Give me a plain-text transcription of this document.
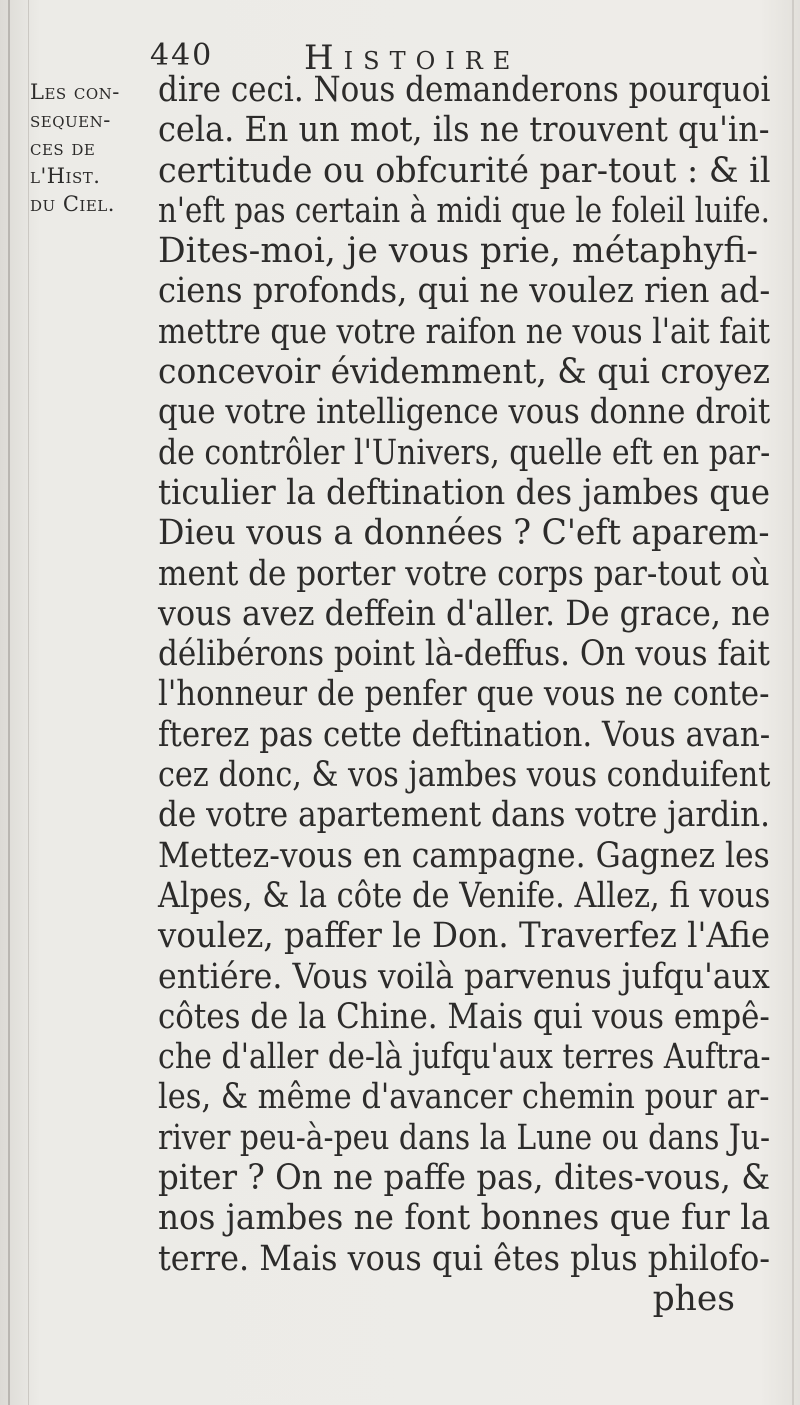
440	Histoire
Les con-
sequen-
ces de
l'Hist.
du Ciel.
dire ceci. Nous demanderons pourquoi
cela. En un mot, ils ne trouvent qu'in-
certitude ou obfcurité par-tout : & il
n'eft pas certain à midi que le foleil luife.
Dites-moi, je vous prie, métaphyfi-
ciens profonds, qui ne voulez rien ad-
mettre que votre raifon ne vous l'ait fait
concevoir évidemment, & qui croyez
que votre intelligence vous donne droit
de contrôler l'Univers, quelle eft en par-
ticulier la deftination des jambes que
Dieu vous a données ? C'eft aparem-
ment de porter votre corps par-tout où
vous avez deffein d'aller. De grace, ne
délibérons point là-deffus. On vous fait
l'honneur de penfer que vous ne conte-
fterez pas cette deftination. Vous avan-
cez donc, & vos jambes vous conduifent
de votre apartement dans votre jardin.
Mettez-vous en campagne. Gagnez les
Alpes, & la côte de Venife. Allez, fi vous
voulez, paffer le Don. Traverfez l'Afie
entiére. Vous voilà parvenus jufqu'aux
côtes de la Chine. Mais qui vous empê-
che d'aller de-là jufqu'aux terres Auftra-
les, & même d'avancer chemin pour ar-
river peu-à-peu dans la Lune ou dans Ju-
piter ? On ne paffe pas, dites-vous, &
nos jambes ne font bonnes que fur la
terre. Mais vous qui êtes plus philofo-
phes
